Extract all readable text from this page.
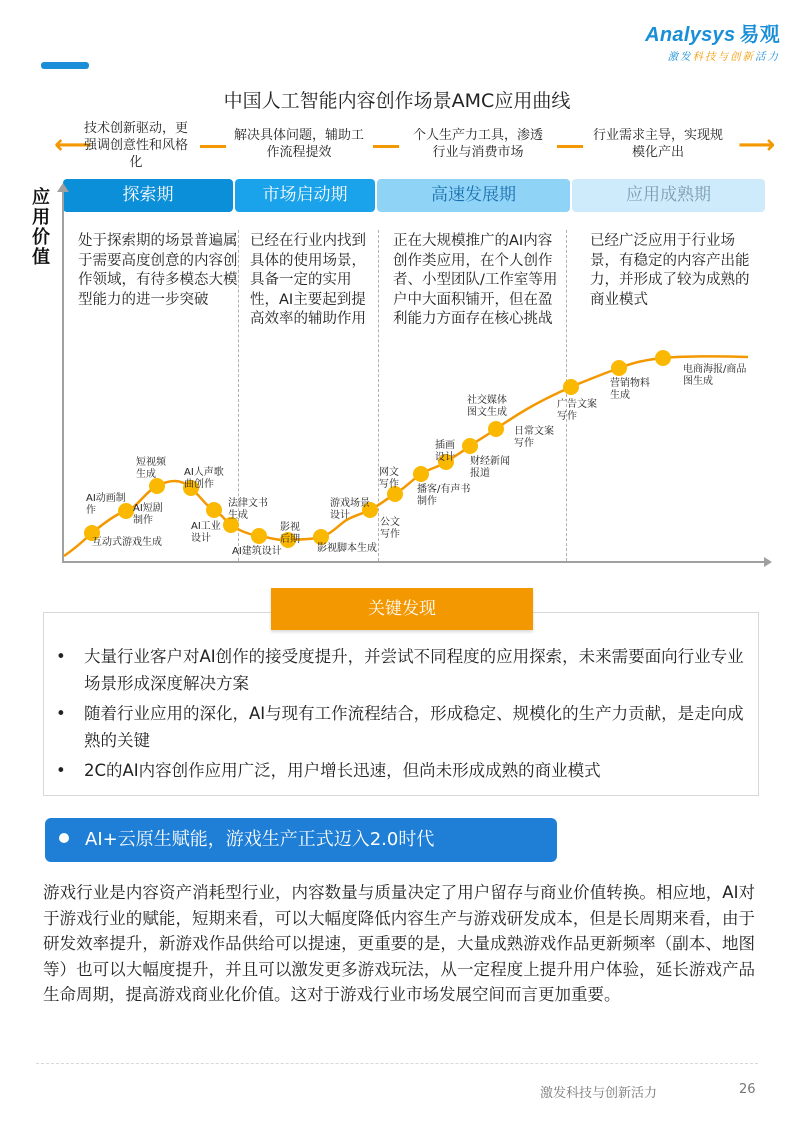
Analysys 易观
激发科技与创新活力
中国人工智能内容创作场景AMC应用曲线
⟵
技术创新驱动，更强调创意性和风格化
解决具体问题，辅助工作流程提效
个人生产力工具，渗透行业与消费市场
行业需求主导，实现规模化产出	⟶
探索期	市场启动期	高速发展期	应用成熟期
应用价值
处于探索期的场景普遍属于需要高度创意的内容创作领域，有待多模态大模型能力的进一步突破
已经在行业内找到具体的使用场景，具备一定的实用性，AI主要起到提高效率的辅助作用
正在大规模推广的AI内容创作类应用，在个人创作者、小型团队/工作室等用户中大面积铺开，但在盈利能力方面存在核心挑战
已经广泛应用于行业场景，有稳定的内容产出能力，并形成了较为成熟的商业模式
互动式游戏生成
AI动画制作	AI短剧制作
短视频生成	AI人声歌曲创作
AI工业设计
法律文书生成
AI建筑设计
影视后期
影视脚本生成
游戏场景设计
公文写作
网文写作	播客/有声书制作
插画设计	财经新闻报道
日常文案写作
社交媒体图文生成
广告文案写作
营销物料生成
电商海报/商品图生成
关键发现
• 大量行业客户对AI创作的接受度提升，并尝试不同程度的应用探索，未来需要面向行业专业场景形成深度解决方案
• 随着行业应用的深化，AI与现有工作流程结合，形成稳定、规模化的生产力贡献，是走向成熟的关键
• 2C的AI内容创作应用广泛，用户增长迅速，但尚未形成成熟的商业模式
AI+云原生赋能，游戏生产正式迈入2.0时代
游戏行业是内容资产消耗型行业，内容数量与质量决定了用户留存与商业价值转换。相应地，AI对于游戏行业的赋能，短期来看，可以大幅度降低内容生产与游戏研发成本，但是长周期来看，由于研发效率提升，新游戏作品供给可以提速，更重要的是，大量成熟游戏作品更新频率（副本、地图等）也可以大幅度提升，并且可以激发更多游戏玩法，从一定程度上提升用户体验，延长游戏产品生命周期，提高游戏商业化价值。这对于游戏行业市场发展空间而言更加重要。
激发科技与创新活力	26
